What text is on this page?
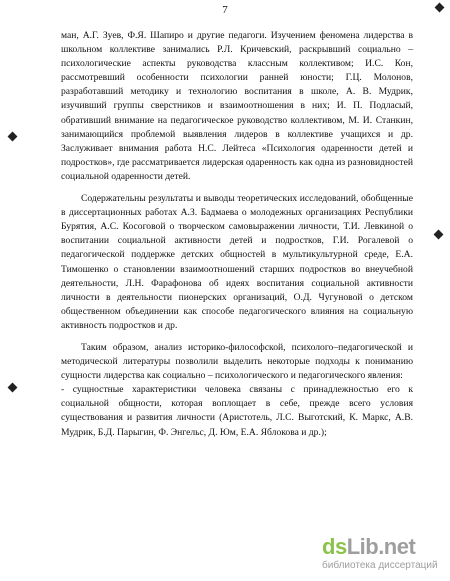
7

ман, А.Г. Зуев, Ф.Я. Шапиро и другие педагоги. Изучением феномена лидерства в школьном коллективе занимались Р.Л. Кричевский, раскрывший социально – психологические аспекты руководства классным коллективом; И.С. Кон, рассмотревший особенности психологии ранней юности; Г.Ц. Молонов, разработавший методику и технологию воспитания в школе, А. В. Мудрик, изучивший группы сверстников и взаимоотношения в них; И. П. Подласый, обративший внимание на педагогическое руководство коллективом, М. И. Станкин, занимающийся проблемой выявления лидеров в коллективе учащихся и др. Заслуживает внимания работа Н.С. Лейтеса «Психология одаренности детей и подростков», где рассматривается лидерская одаренность как одна из разновидностей социальной одаренности детей.

Содержательны результаты и выводы теоретических исследований, обобщенные в диссертационных работах А.З. Бадмаева о молодежных организациях Республики Бурятия, А.С. Косоговой о творческом самовыражении личности, Т.И. Левкиной о воспитании социальной активности детей и подростков, Г.И. Рогалевой о педагогической поддержке детских общностей в мультикультурной среде, Е.А. Тимошенко о становлении взаимоотношений старших подростков во внеучебной деятельности, Л.Н. Фарафонова об идеях воспитания социальной активности личности в деятельности пионерских организаций, О.Д. Чугуновой о детском общественном объединении как способе педагогического влияния на социальную активность подростков и др.

Таким образом, анализ историко-философской, психолого–педагогической и методической литературы позволили выделить некоторые подходы к пониманию сущности лидерства как социально – психологического и педагогического явления:

- сущностные характеристики человека связаны с принадлежностью его к социальной общности, которая воплощает в себе, прежде всего условия существования и развития личности (Аристотель, Л.С. Выготский, К. Маркс, А.В. Мудрик, Б.Д. Парыгин, Ф. Энгельс, Д. Юм, Е.А. Яблокова и др.);

dsLib.net
библиотека диссертаций
